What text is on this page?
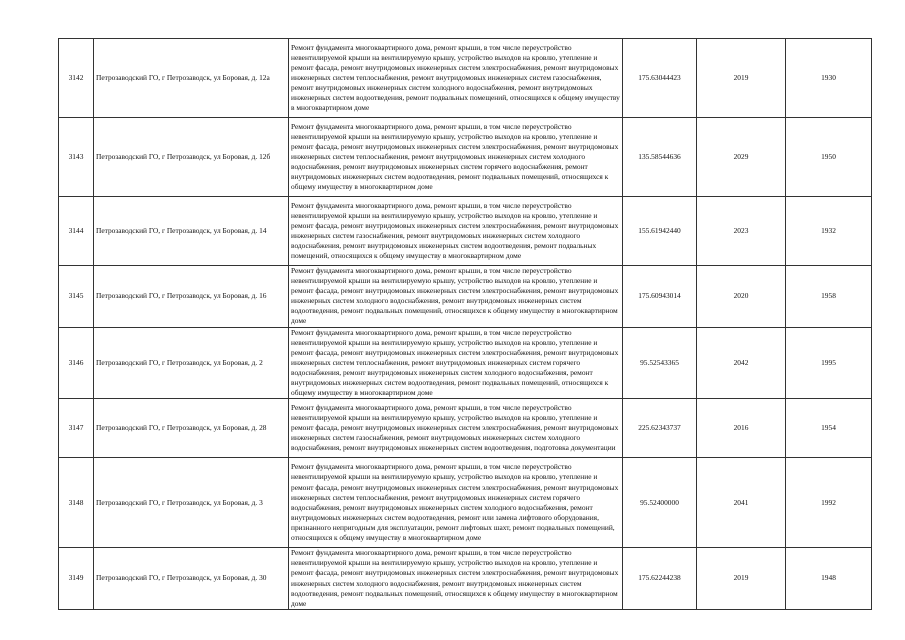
3142	Петрозаводский ГО, г Петрозаводск, ул Боровая, д. 12а	Ремонт фундамента многоквартирного дома, ремонт крыши, в том числе переустройство невентилируемой крыши на вентилируемую крышу, устройство выходов на кровлю, утепление и ремонт фасада, ремонт внутридомовых инженерных систем электроснабжения, ремонт внутридомовых инженерных систем теплоснабжения, ремонт внутридомовых инженерных систем газоснабжения, ремонт внутридомовых инженерных систем холодного водоснабжения, ремонт внутридомовых инженерных систем водоотведения, ремонт подвальных помещений, относящихся к общему имуществу в многоквартирном доме	175.63044423	2019	1930
3143	Петрозаводский ГО, г Петрозаводск, ул Боровая, д. 12б	Ремонт фундамента многоквартирного дома, ремонт крыши, в том числе переустройство невентилируемой крыши на вентилируемую крышу, устройство выходов на кровлю, утепление и ремонт фасада, ремонт внутридомовых инженерных систем электроснабжения, ремонт внутридомовых инженерных систем теплоснабжения, ремонт внутридомовых инженерных систем холодного водоснабжения, ремонт внутридомовых инженерных систем горячего водоснабжения, ремонт внутридомовых инженерных систем водоотведения, ремонт подвальных помещений, относящихся к общему имуществу в многоквартирном доме	135.58544636	2029	1950
3144	Петрозаводский ГО, г Петрозаводск, ул Боровая, д. 14	Ремонт фундамента многоквартирного дома, ремонт крыши, в том числе переустройство невентилируемой крыши на вентилируемую крышу, устройство выходов на кровлю, утепление и ремонт фасада, ремонт внутридомовых инженерных систем электроснабжения, ремонт внутридомовых инженерных систем газоснабжения, ремонт внутридомовых инженерных систем холодного водоснабжения, ремонт внутридомовых инженерных систем водоотведения, ремонт подвальных помещений, относящихся к общему имуществу в многоквартирном доме	155.61942440	2023	1932
3145	Петрозаводский ГО, г Петрозаводск, ул Боровая, д. 16	Ремонт фундамента многоквартирного дома, ремонт крыши, в том числе переустройство невентилируемой крыши на вентилируемую крышу, устройство выходов на кровлю, утепление и ремонт фасада, ремонт внутридомовых инженерных систем электроснабжения, ремонт внутридомовых инженерных систем холодного водоснабжения, ремонт внутридомовых инженерных систем водоотведения, ремонт подвальных помещений, относящихся к общему имуществу в многоквартирном доме	175.60943014	2020	1958
3146	Петрозаводский ГО, г Петрозаводск, ул Боровая, д. 2	Ремонт фундамента многоквартирного дома, ремонт крыши, в том числе переустройство невентилируемой крыши на вентилируемую крышу, устройство выходов на кровлю, утепление и ремонт фасада, ремонт внутридомовых инженерных систем электроснабжения, ремонт внутридомовых инженерных систем теплоснабжения, ремонт внутридомовых инженерных систем горячего водоснабжения, ремонт внутридомовых инженерных систем холодного водоснабжения, ремонт внутридомовых инженерных систем водоотведения, ремонт подвальных помещений, относящихся к общему имуществу в многоквартирном доме	95.52543365	2042	1995
3147	Петрозаводский ГО, г Петрозаводск, ул Боровая, д. 28	Ремонт фундамента многоквартирного дома, ремонт крыши, в том числе переустройство невентилируемой крыши на вентилируемую крышу, устройство выходов на кровлю, утепление и ремонт фасада, ремонт внутридомовых инженерных систем электроснабжения, ремонт внутридомовых инженерных систем газоснабжения, ремонт внутридомовых инженерных систем холодного водоснабжения, ремонт внутридомовых инженерных систем водоотведения, подготовка документации	225.62343737	2016	1954
3148	Петрозаводский ГО, г Петрозаводск, ул Боровая, д. 3	Ремонт фундамента многоквартирного дома, ремонт крыши, в том числе переустройство невентилируемой крыши на вентилируемую крышу, устройство выходов на кровлю, утепление и ремонт фасада, ремонт внутридомовых инженерных систем электроснабжения, ремонт внутридомовых инженерных систем теплоснабжения, ремонт внутридомовых инженерных систем горячего водоснабжения, ремонт внутридомовых инженерных систем холодного водоснабжения, ремонт внутридомовых инженерных систем водоотведения, ремонт или замена лифтового оборудования, признанного непригодным для эксплуатации, ремонт лифтовых шахт, ремонт подвальных помещений, относящихся к общему имуществу в многоквартирном доме	95.52400000	2041	1992
3149	Петрозаводский ГО, г Петрозаводск, ул Боровая, д. 30	Ремонт фундамента многоквартирного дома, ремонт крыши, в том числе переустройство невентилируемой крыши на вентилируемую крышу, устройство выходов на кровлю, утепление и ремонт фасада, ремонт внутридомовых инженерных систем электроснабжения, ремонт внутридомовых инженерных систем холодного водоснабжения, ремонт внутридомовых инженерных систем водоотведения, ремонт подвальных помещений, относящихся к общему имуществу в многоквартирном доме	175.62244238	2019	1948
